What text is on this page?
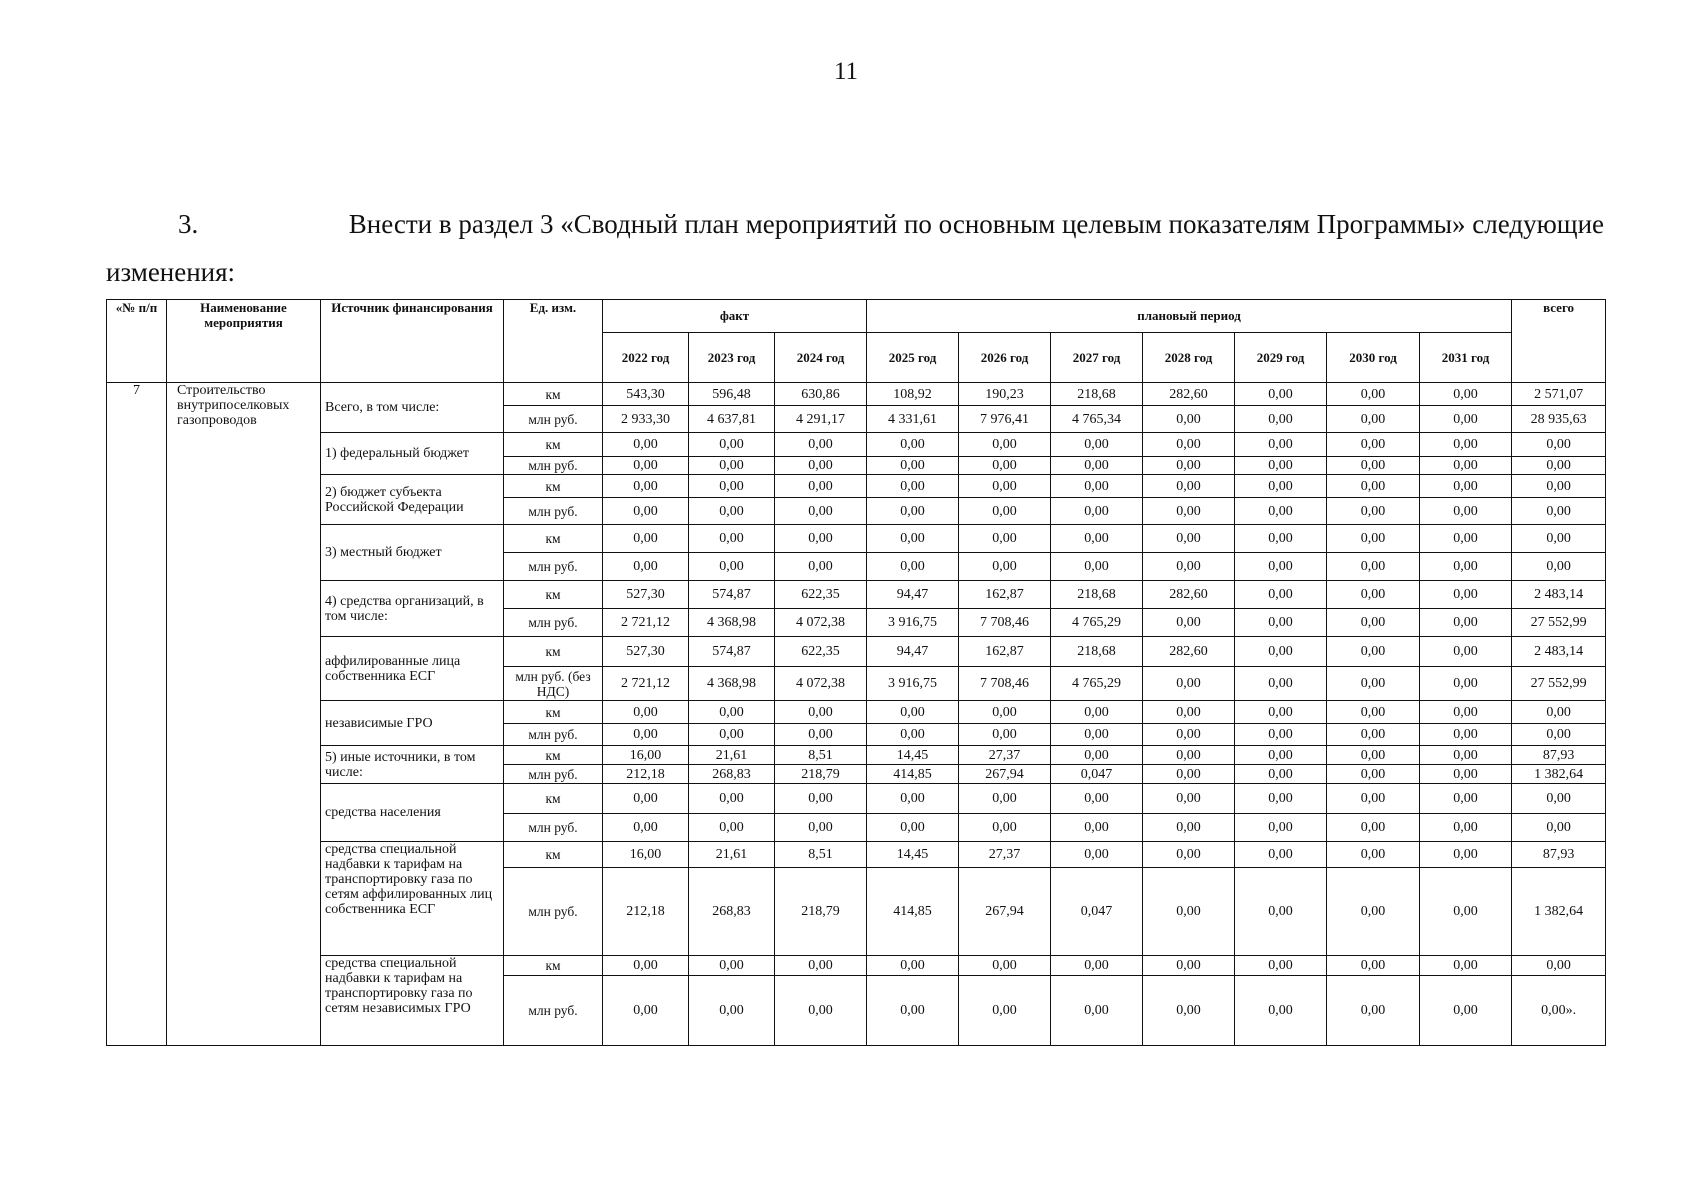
11
3.	Внести в раздел 3 «Сводный план мероприятий по основным целевым показателям Программы» следующие
изменения:
«№ п/п	Наименование мероприятия	Источник финансирования	Ед. изм.	факт			плановый период							всего
				2022 год	2023 год	2024 год	2025 год	2026 год	2027 год	2028 год	2029 год	2030 год	2031 год	
7	Строительство внутрипоселковых газопроводов	Всего, в том числе:	км	543,30	596,48	630,86	108,92	190,23	218,68	282,60	0,00	0,00	0,00	2 571,07
			млн руб.	2 933,30	4 637,81	4 291,17	4 331,61	7 976,41	4 765,34	0,00	0,00	0,00	0,00	28 935,63
		1) федеральный бюджет	км	0,00	0,00	0,00	0,00	0,00	0,00	0,00	0,00	0,00	0,00	0,00
			млн руб.	0,00	0,00	0,00	0,00	0,00	0,00	0,00	0,00	0,00	0,00	0,00
		2) бюджет субъекта Российской Федерации	км	0,00	0,00	0,00	0,00	0,00	0,00	0,00	0,00	0,00	0,00	0,00
			млн руб.	0,00	0,00	0,00	0,00	0,00	0,00	0,00	0,00	0,00	0,00	0,00
		3) местный бюджет	км	0,00	0,00	0,00	0,00	0,00	0,00	0,00	0,00	0,00	0,00	0,00
			млн руб.	0,00	0,00	0,00	0,00	0,00	0,00	0,00	0,00	0,00	0,00	0,00
		4) средства организаций, в том числе:	км	527,30	574,87	622,35	94,47	162,87	218,68	282,60	0,00	0,00	0,00	2 483,14
			млн руб.	2 721,12	4 368,98	4 072,38	3 916,75	7 708,46	4 765,29	0,00	0,00	0,00	0,00	27 552,99
		аффилированные лица собственника ЕСГ	км	527,30	574,87	622,35	94,47	162,87	218,68	282,60	0,00	0,00	0,00	2 483,14
			млн руб. (без НДС)	2 721,12	4 368,98	4 072,38	3 916,75	7 708,46	4 765,29	0,00	0,00	0,00	0,00	27 552,99
		независимые ГРО	км	0,00	0,00	0,00	0,00	0,00	0,00	0,00	0,00	0,00	0,00	0,00
			млн руб.	0,00	0,00	0,00	0,00	0,00	0,00	0,00	0,00	0,00	0,00	0,00
		5) иные источники, в том числе:	км	16,00	21,61	8,51	14,45	27,37	0,00	0,00	0,00	0,00	0,00	87,93
			млн руб.	212,18	268,83	218,79	414,85	267,94	0,047	0,00	0,00	0,00	0,00	1 382,64
		средства населения	км	0,00	0,00	0,00	0,00	0,00	0,00	0,00	0,00	0,00	0,00	0,00
			млн руб.	0,00	0,00	0,00	0,00	0,00	0,00	0,00	0,00	0,00	0,00	0,00
		средства специальной надбавки к тарифам на транспортировку газа по сетям аффилированных лиц собственника ЕСГ	км	16,00	21,61	8,51	14,45	27,37	0,00	0,00	0,00	0,00	0,00	87,93
			млн руб.	212,18	268,83	218,79	414,85	267,94	0,047	0,00	0,00	0,00	0,00	1 382,64
		средства специальной надбавки к тарифам на транспортировку газа по сетям независимых ГРО	км	0,00	0,00	0,00	0,00	0,00	0,00	0,00	0,00	0,00	0,00	0,00
			млн руб.	0,00	0,00	0,00	0,00	0,00	0,00	0,00	0,00	0,00	0,00	0,00».
